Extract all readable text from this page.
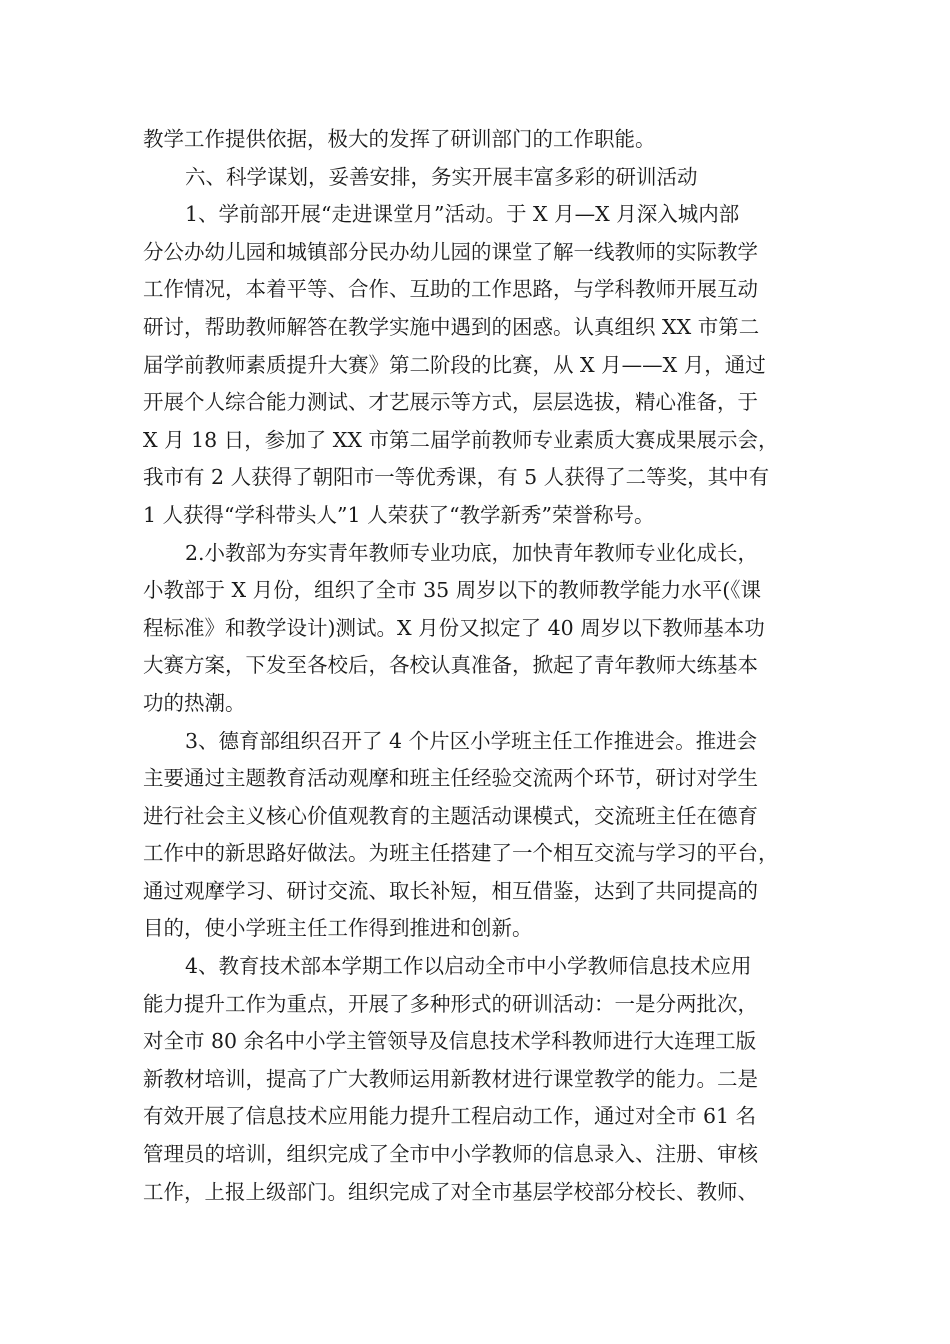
教学工作提供依据，极大的发挥了研训部门的工作职能。
六、科学谋划，妥善安排，务实开展丰富多彩的研训活动
1、学前部开展“走进课堂月”活动。于 X 月—X 月深入城内部
分公办幼儿园和城镇部分民办幼儿园的课堂了解一线教师的实际教学
工作情况，本着平等、合作、互助的工作思路，与学科教师开展互动
研讨，帮助教师解答在教学实施中遇到的困惑。认真组织 XX 市第二
届学前教师素质提升大赛》第二阶段的比赛，从 X 月——X 月，通过
开展个人综合能力测试、才艺展示等方式，层层选拔，精心准备，于
X 月 18 日，参加了 XX 市第二届学前教师专业素质大赛成果展示会，
我市有 2 人获得了朝阳市一等优秀课，有 5 人获得了二等奖，其中有
1 人获得“学科带头人”1 人荣获了“教学新秀”荣誉称号。
2.小教部为夯实青年教师专业功底，加快青年教师专业化成长，
小教部于 X 月份，组织了全市 35 周岁以下的教师教学能力水平(《课
程标准》和教学设计)测试。X 月份又拟定了 40 周岁以下教师基本功
大赛方案，下发至各校后，各校认真准备，掀起了青年教师大练基本
功的热潮。
3、德育部组织召开了 4 个片区小学班主任工作推进会。推进会
主要通过主题教育活动观摩和班主任经验交流两个环节，研讨对学生
进行社会主义核心价值观教育的主题活动课模式，交流班主任在德育
工作中的新思路好做法。为班主任搭建了一个相互交流与学习的平台，
通过观摩学习、研讨交流、取长补短，相互借鉴，达到了共同提高的
目的，使小学班主任工作得到推进和创新。
4、教育技术部本学期工作以启动全市中小学教师信息技术应用
能力提升工作为重点，开展了多种形式的研训活动：一是分两批次，
对全市 80 余名中小学主管领导及信息技术学科教师进行大连理工版
新教材培训，提高了广大教师运用新教材进行课堂教学的能力。二是
有效开展了信息技术应用能力提升工程启动工作，通过对全市 61 名
管理员的培训，组织完成了全市中小学教师的信息录入、注册、审核
工作，上报上级部门。组织完成了对全市基层学校部分校长、教师、
